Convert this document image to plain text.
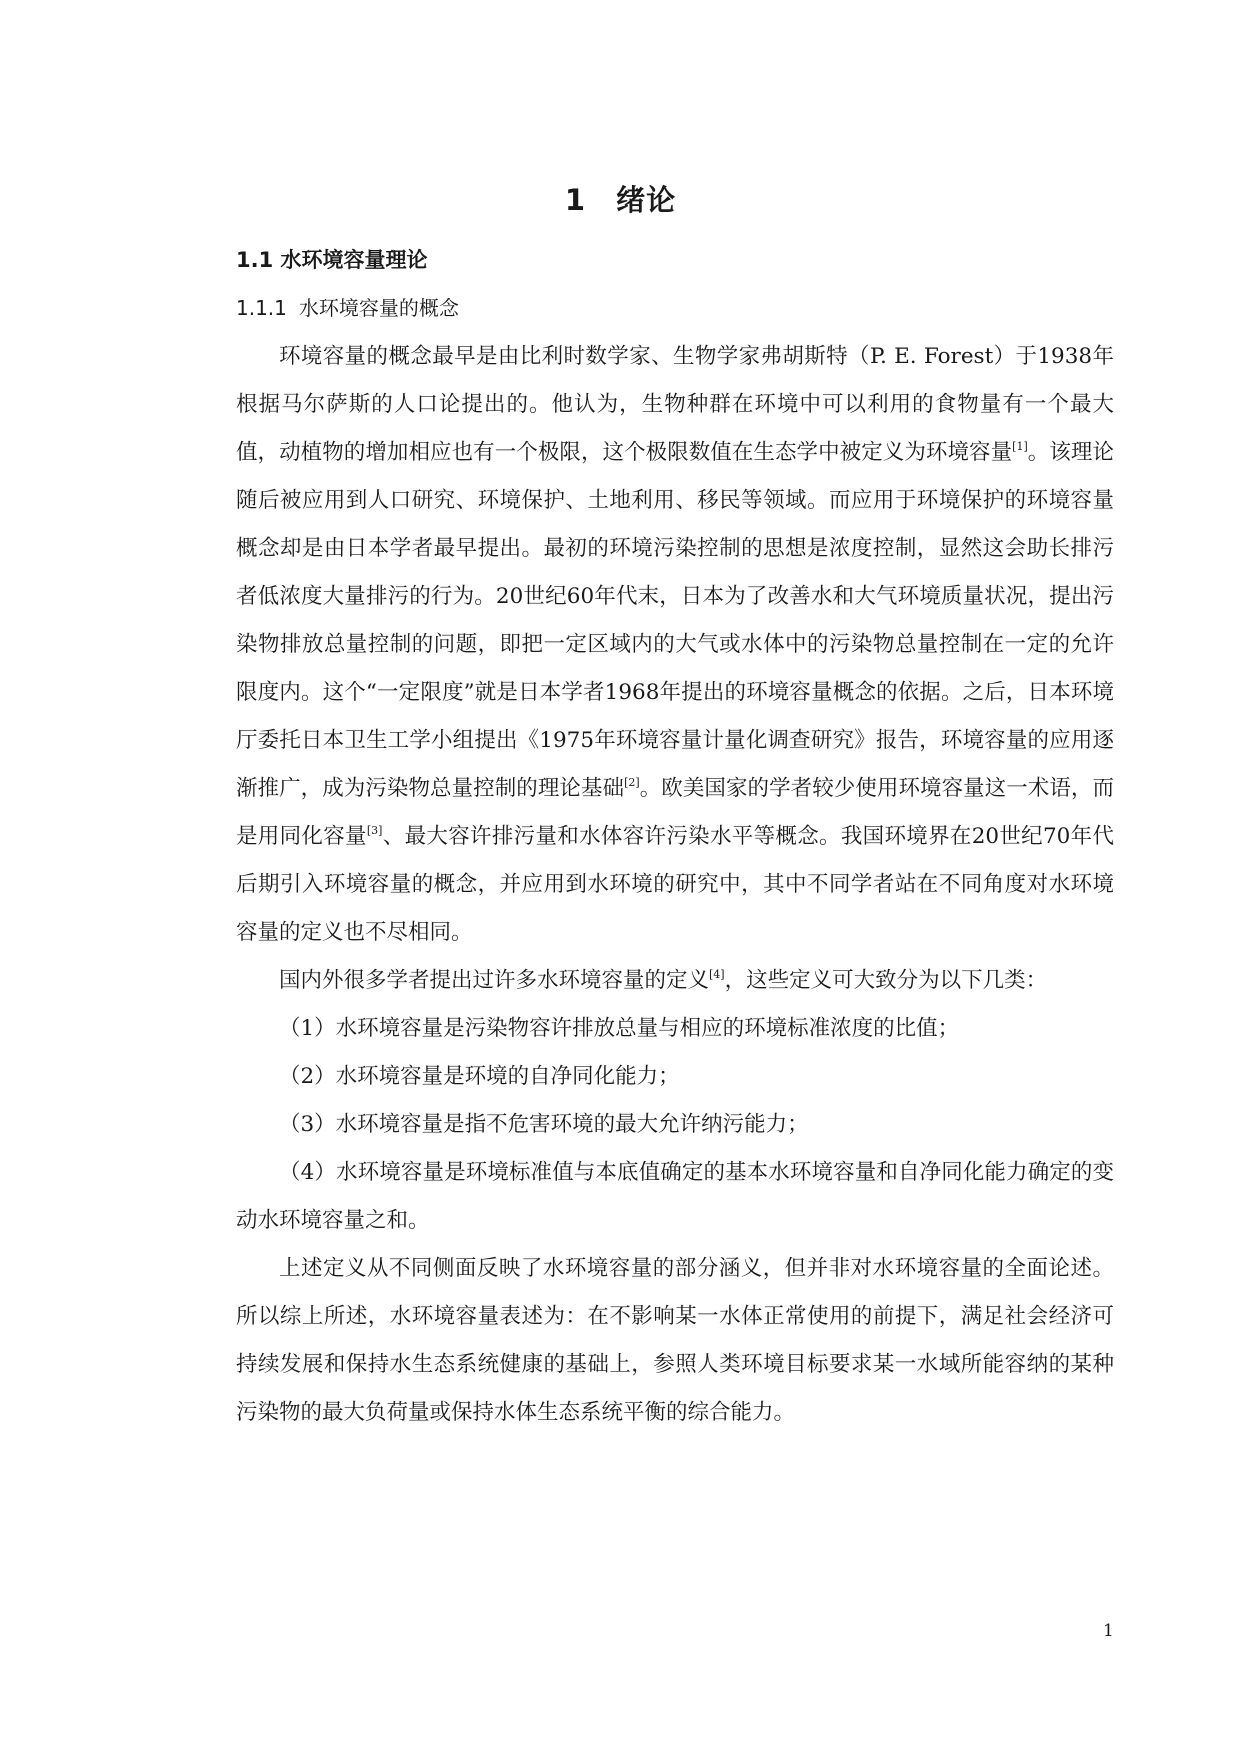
1 绪论
1.1 水环境容量理论
1.1.1 水环境容量的概念

环境容量的概念最早是由比利时数学家、生物学家弗胡斯特（P. E. Forest）于1938年根据马尔萨斯的人口论提出的。他认为，生物种群在环境中可以利用的食物量有一个最大值，动植物的增加相应也有一个极限，这个极限数值在生态学中被定义为环境容量[1]。该理论随后被应用到人口研究、环境保护、土地利用、移民等领域。而应用于环境保护的环境容量概念却是由日本学者最早提出。最初的环境污染控制的思想是浓度控制，显然这会助长排污者低浓度大量排污的行为。20世纪60年代末，日本为了改善水和大气环境质量状况，提出污染物排放总量控制的问题，即把一定区域内的大气或水体中的污染物总量控制在一定的允许限度内。这个“一定限度”就是日本学者1968年提出的环境容量概念的依据。之后，日本环境厅委托日本卫生工学小组提出《1975年环境容量计量化调查研究》报告，环境容量的应用逐渐推广，成为污染物总量控制的理论基础[2]。欧美国家的学者较少使用环境容量这一术语，而是用同化容量[3]、最大容许排污量和水体容许污染水平等概念。我国环境界在20世纪70年代后期引入环境容量的概念，并应用到水环境的研究中，其中不同学者站在不同角度对水环境容量的定义也不尽相同。

国内外很多学者提出过许多水环境容量的定义[4]，这些定义可大致分为以下几类：

（1）水环境容量是污染物容许排放总量与相应的环境标准浓度的比值；

（2）水环境容量是环境的自净同化能力；

（3）水环境容量是指不危害环境的最大允许纳污能力；

（4）水环境容量是环境标准值与本底值确定的基本水环境容量和自净同化能力确定的变动水环境容量之和。

上述定义从不同侧面反映了水环境容量的部分涵义，但并非对水环境容量的全面论述。所以综上所述，水环境容量表述为：在不影响某一水体正常使用的前提下，满足社会经济可持续发展和保持水生态系统健康的基础上，参照人类环境目标要求某一水域所能容纳的某种污染物的最大负荷量或保持水体生态系统平衡的综合能力。

1
